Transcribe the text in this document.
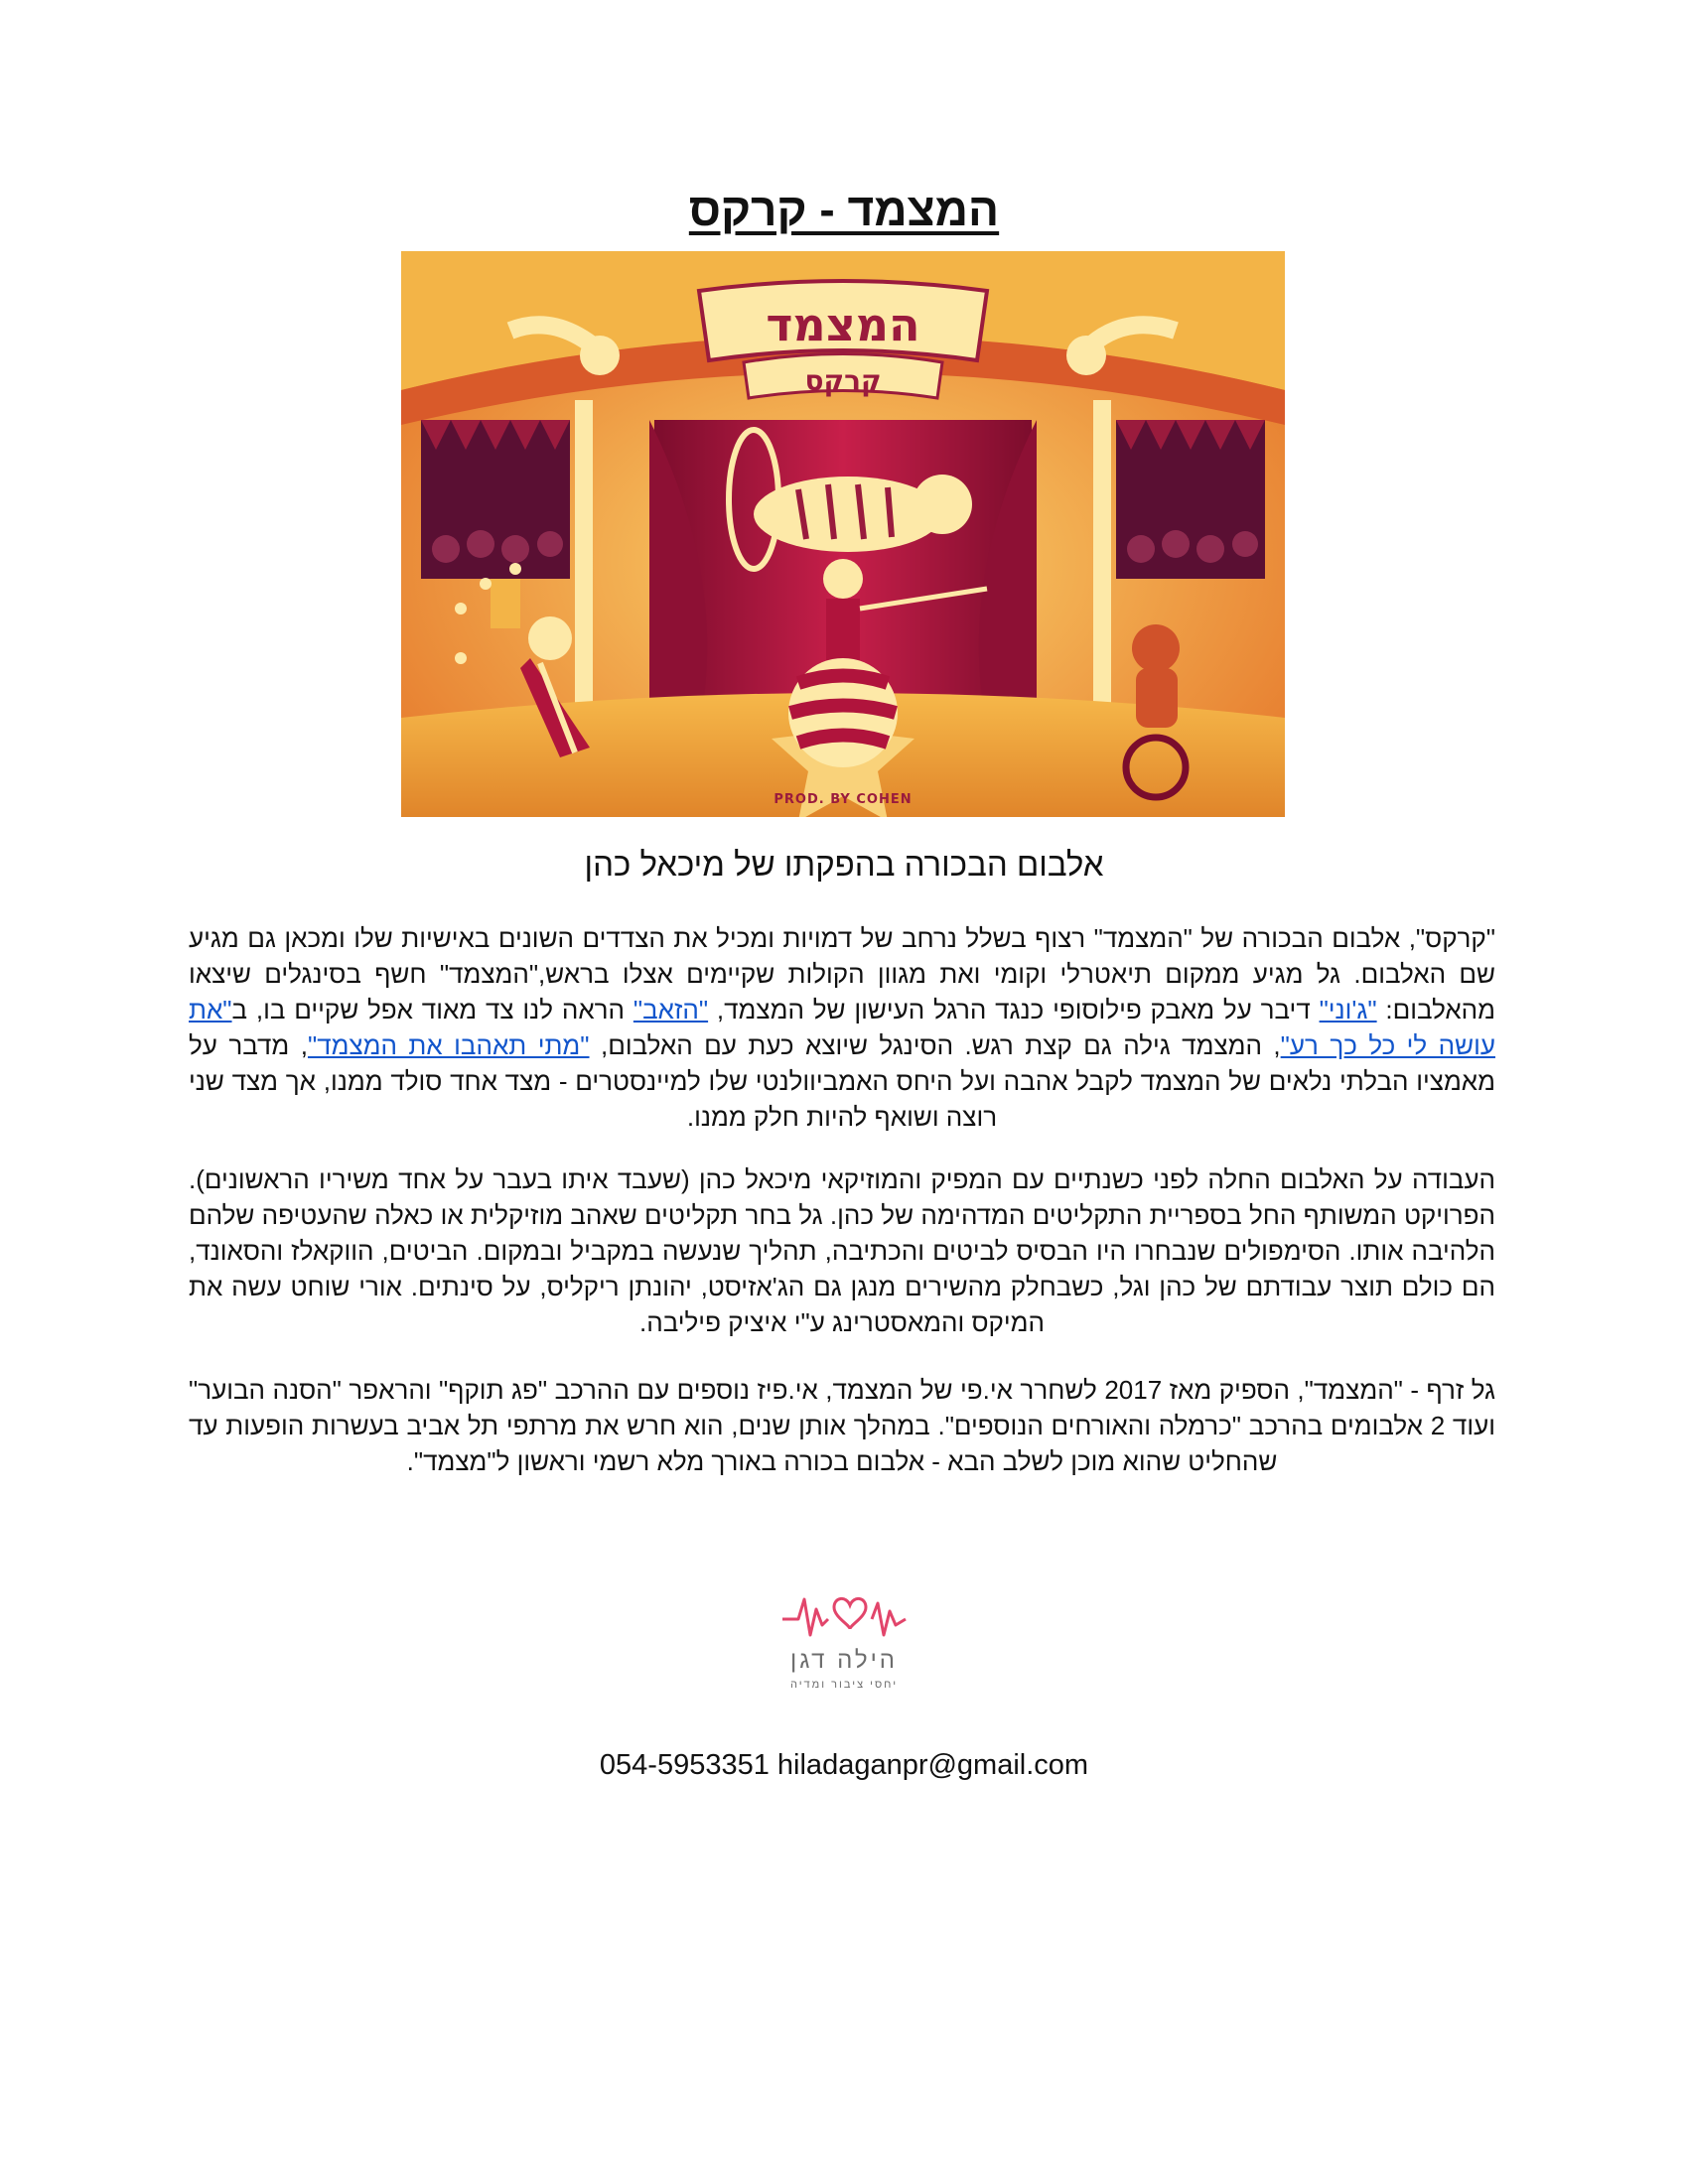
המצמד - קרקס
המצמד
קרקס
PROD. BY COHEN
אלבום הבכורה בהפקתו של מיכאל כהן

"קרקס", אלבום הבכורה של "המצמד" רצוף בשלל נרחב של דמויות ומכיל את הצדדים השונים באישיות שלו ומכאן גם מגיע שם האלבום. גל מגיע ממקום תיאטרלי וקומי ואת מגוון הקולות שקיימים אצלו בראש,"המצמד" חשף בסינגלים שיצאו מהאלבום: "ג'וני" דיבר על מאבק פילוסופי כנגד הרגל העישון של המצמד, "הזאב" הראה לנו צד מאוד אפל שקיים בו, ב"את עושה לי כל כך רע", המצמד גילה גם קצת רגש. הסינגל שיוצא כעת עם האלבום, "מתי תאהבו את המצמד", מדבר על מאמציו הבלתי נלאים של המצמד לקבל אהבה ועל היחס האמביוולנטי שלו למיינסטרים - מצד אחד סולד ממנו, אך מצד שני רוצה ושואף להיות חלק ממנו.

העבודה על האלבום החלה לפני כשנתיים עם המפיק והמוזיקאי מיכאל כהן (שעבד איתו בעבר על אחד משיריו הראשונים). הפרויקט המשותף החל בספריית התקליטים המדהימה של כהן. גל בחר תקליטים שאהב מוזיקלית או כאלה שהעטיפה שלהם הלהיבה אותו. הסימפולים שנבחרו היו הבסיס לביטים והכתיבה, תהליך שנעשה במקביל ובמקום. הביטים, הווקאלז והסאונד, הם כולם תוצר עבודתם של כהן וגל, כשבחלק מהשירים מנגן גם הג'אזיסט, יהונתן ריקליס, על סינתים. אורי שוחט עשה את המיקס והמאסטרינג ע"י איציק פיליבה.

גל זרף - "המצמד", הספיק מאז 2017 לשחרר אי.פי של המצמד, אי.פיז נוספים עם ההרכב "פג תוקף" והראפר "הסנה הבוער" ועוד 2 אלבומים בהרכב "כרמלה והאורחים הנוספים". במהלך אותן שנים, הוא חרש את מרתפי תל אביב בעשרות הופעות עד שהחליט שהוא מוכן לשלב הבא - אלבום בכורה באורך מלא רשמי וראשון ל"מצמד".

הילה דגן
יחסי ציבור ומדיה
054-5953351 hiladaganpr@gmail.com
